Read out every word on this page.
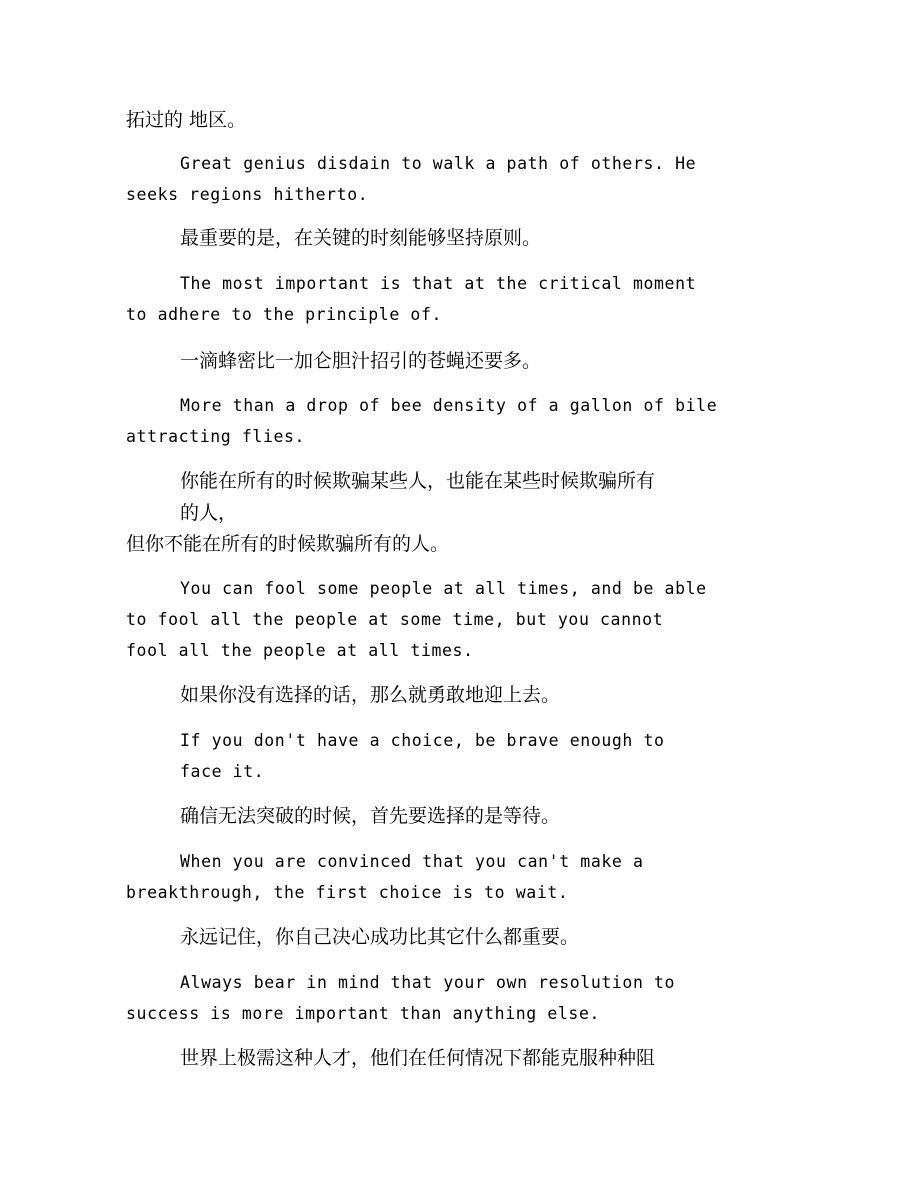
拓过的 地区。
Great genius disdain to walk a path of others. He
seeks regions hitherto.
最重要的是，在关键的时刻能够坚持原则。
The most important is that at the critical moment
to adhere to the principle of.
一滴蜂密比一加仑胆汁招引的苍蝇还要多。
More than a drop of bee density of a gallon of bile
attracting flies.
你能在所有的时候欺骗某些人，也能在某些时候欺骗所有
的人，
但你不能在所有的时候欺骗所有的人。
You can fool some people at all times, and be able
to fool all the people at some time, but you cannot
fool all the people at all times.
如果你没有选择的话，那么就勇敢地迎上去。
If you don't have a choice, be brave enough to
face it.
确信无法突破的时候，首先要选择的是等待。
When you are convinced that you can't make a
breakthrough, the first choice is to wait.
永远记住，你自己决心成功比其它什么都重要。
Always bear in mind that your own resolution to
success is more important than anything else.
世界上极需这种人才，他们在任何情况下都能克服种种阻
